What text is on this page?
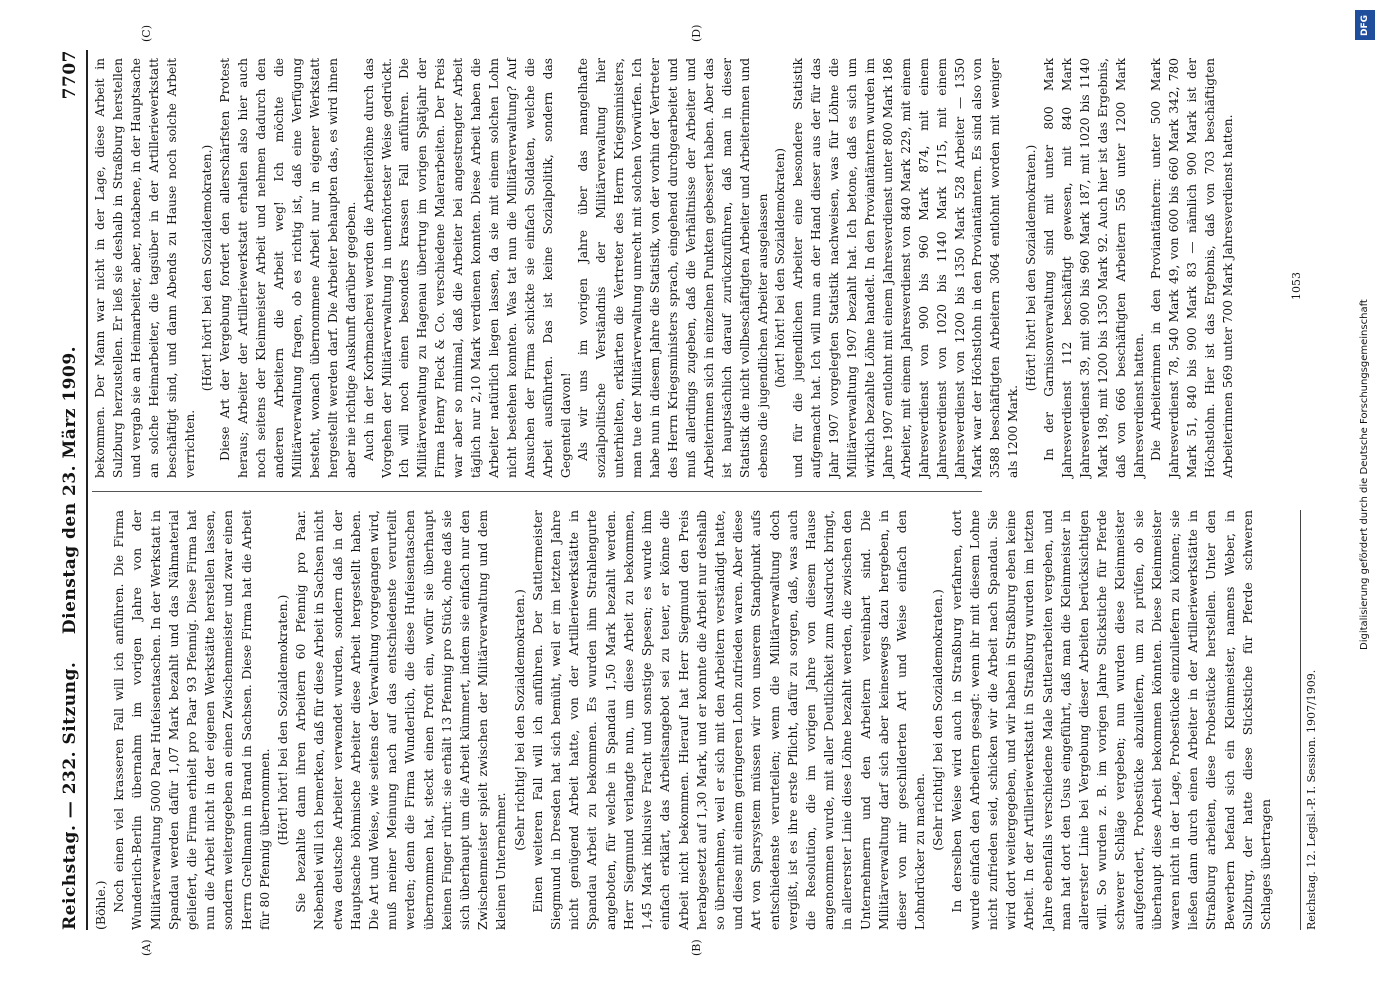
Reichstag. — 232. Sitzung.
Dienstag den 23. März 1909.
7707
(A)	(B)
(C)	(D)

(Böhle.) Noch einen viel krasseren Fall will ich anführen. Die Firma Wunderlich-Berlin übernahm im vorigen Jahre von der Militärverwaltung 5000 Paar Hufeisentaschen. In der Werkstatt in Spandau werden dafür 1,07 Mark bezahlt und das Nähmaterial geliefert, die Firma erhielt pro Paar 93 Pfennig. Diese Firma hat nun die Arbeit nicht in der eigenen Werkstätte herstellen lassen, sondern weitergegeben an einen Zwischenmeister und zwar einen Herrn Grellmann in Brand in Sachsen. Diese Firma hat die Arbeit für 80 Pfennig übernommen. (Hört! hört! bei den Sozialdemokraten.) Sie bezahlte dann ihren Arbeitern 60 Pfennig pro Paar. Nebenbei will ich bemerken, daß für diese Arbeit in Sachsen nicht etwa deutsche Arbeiter verwendet wurden, sondern daß in der Hauptsache böhmische Arbeiter diese Arbeit hergestellt haben. Die Art und Weise, wie seitens der Verwaltung vorgegangen wird, muß meiner Meinung nach auf das entschiedenste verurteilt werden; denn die Firma Wunderlich, die diese Hufeisentaschen übernommen hat, steckt einen Profit ein, wofür sie überhaupt keinen Finger rührt: sie erhält 13 Pfennig pro Stück, ohne daß sie sich überhaupt um die Arbeit kümmert, indem sie einfach nur den Zwischenmeister spielt zwischen der Militärverwaltung und dem kleinen Unternehmer.

(Sehr richtig! bei den Sozialdemokraten.) Einen weiteren Fall will ich anführen. Der Sattlermeister Siegmund in Dresden hat sich bemüht, weil er im letzten Jahre nicht genügend Arbeit hatte, von der Artilleriewerkstätte in Spandau Arbeit zu bekommen. Es wurden ihm Strahlengurte angeboten, für welche in Spandau 1,50 Mark bezahlt werden. Herr Siegmund verlangte nun, um diese Arbeit zu bekommen, 1,45 Mark inklusive Fracht und sonstige Spesen; es wurde ihm einfach erklärt, das Arbeitsangebot sei zu teuer, er könne die Arbeit nicht bekommen. Hierauf hat Herr Siegmund den Preis herabgesetzt auf 1,30 Mark, und er konnte die Arbeit nur deshalb so übernehmen, weil er sich mit den Arbeitern verständigt hatte, und diese mit einem geringeren Lohn zufrieden waren. Aber diese Art von Sparsystem müssen wir von unserem Standpunkt aufs entschiedenste verurteilen; wenn die Militärverwaltung doch vergißt, ist es ihre erste Pflicht, dafür zu sorgen, daß, was auch die Resolution, die im vorigen Jahre von diesem Hause angenommen wurde, mit aller Deutlichkeit zum Ausdruck bringt, in allererster Linie diese Löhne bezahlt werden, die zwischen den Unternehmern und den Arbeitern vereinbart sind. Die Militärverwaltung darf sich aber keineswegs dazu hergeben, in dieser von mir geschilderten Art und Weise einfach den Lohndrücker zu machen.

(Sehr richtig! bei den Sozialdemokraten.) In derselben Weise wird auch in Straßburg verfahren, dort wurde einfach den Arbeitern gesagt: wenn ihr mit diesem Lohne nicht zufrieden seid, schicken wir die Arbeit nach Spandau. Sie wird dort weitergegeben, und wir haben in Straßburg eben keine Arbeit. In der Artilleriewerkstatt in Straßburg wurden im letzten Jahre ebenfalls verschiedene Male Sattlerarbeiten vergeben, und man hat dort den Usus eingeführt, daß man die Kleinmeister in allererster Linie bei Vergebung dieser Arbeiten berücksichtigen will. So wurden z. B. im vorigen Jahre Stickstiche für Pferde schwerer Schläge vergeben; nun wurden diese Kleinmeister aufgefordert, Probestücke abzuliefern, um zu prüfen, ob sie überhaupt diese Arbeit bekommen könnten. Diese Kleinmeister waren nicht in der Lage, Probestücke einzuliefern zu können; sie ließen dann durch einen Arbeiter in der Artilleriewerkstätte in Straßburg arbeiten, diese Probestücke herstellen. Unter den Bewerbern befand sich ein Kleinmeister, namens Weber, in Sulzburg, der hatte diese Stickstiche für Pferde schweren Schlages übertragen

bekommen. Der Mann war nicht in der Lage, diese Arbeit in Sulzburg herzustellen. Er ließ sie deshalb in Straßburg herstellen und vergab sie an Heimarbeiter, aber, notabene, in der Hauptsache an solche Heimarbeiter, die tagsüber in der Artilleriewerkstatt beschäftigt sind, und dann Abends zu Hause noch solche Arbeit verrichten.

(Hört! hört! bei den Sozialdemokraten.) Diese Art der Vergebung fordert den allerschärfsten Protest heraus; Arbeiter der Artilleriewerkstatt erhalten also hier auch noch seitens der Kleinmeister Arbeit und nehmen dadurch den anderen Arbeitern die Arbeit weg! Ich möchte die Militärverwaltung fragen, ob es richtig ist, daß eine Verfügung besteht, wonach übernommene Arbeit nur in eigener Werkstatt hergestellt werden darf. Die Arbeiter behaupten das, es wird ihnen aber nie richtige Auskunft darüber gegeben. Auch in der Korbmacherei werden die Arbeiterlöhne durch das Vorgehen der Militärverwaltung in unerhörtester Weise gedrückt. Ich will noch einen besonders krassen Fall anführen. Die Militärverwaltung zu Hagenau übertrug im vorigen Spätjahr der Firma Henry Fleck & Co. verschiedene Malerarbeiten. Der Preis war aber so minimal, daß die Arbeiter bei angestrengter Arbeit täglich nur 2,10 Mark verdienen konnten. Diese Arbeit haben die Arbeiter natürlich liegen lassen, da sie mit einem solchen Lohn nicht bestehen konnten. Was tat nun die Militärverwaltung? Auf Ansuchen der Firma schickte sie einfach Soldaten, welche die Arbeit ausführten. Das ist keine Sozialpolitik, sondern das Gegenteil davon! Als wir uns im vorigen Jahre über das mangelhafte sozialpolitische Verständnis der Militärverwaltung hier unterhielten, erklärten die Vertreter des Herrn Kriegsministers, man tue der Militärverwaltung unrecht mit solchen Vorwürfen. Ich habe nun in diesem Jahre die Statistik, von der vorhin der Vertreter des Herrn Kriegsministers sprach, eingehend durchgearbeitet und muß allerdings zugeben, daß die Verhältnisse der Arbeiter und Arbeiterinnen sich in einzelnen Punkten gebessert haben. Aber das ist hauptsächlich darauf zurückzuführen, daß man in dieser Statistik die nicht vollbeschäftigten Arbeiter und Arbeiterinnen und ebenso die jugendlichen Arbeiter ausgelassen (hört! hört! bei den Sozialdemokraten) und für die jugendlichen Arbeiter eine besondere Statistik aufgemacht hat. Ich will nun an der Hand dieser aus der für das Jahr 1907 vorgelegten Statistik nachweisen, was für Löhne die Militärverwaltung 1907 bezahlt hat. Ich betone, daß es sich um wirklich bezahlte Löhne handelt. In den Proviantämtern wurden im Jahre 1907 entlohnt mit einem Jahresverdienst unter 800 Mark 186 Arbeiter, mit einem Jahresverdienst von 840 Mark 229, mit einem Jahresverdienst von 900 bis 960 Mark 874, mit einem Jahresverdienst von 1020 bis 1140 Mark 1715, mit einem Jahresverdienst von 1200 bis 1350 Mark 528 Arbeiter — 1350 Mark war der Höchstlohn in den Proviantämtern. Es sind also von 3588 beschäftigten Arbeitern 3064 entlohnt worden mit weniger als 1200 Mark.

(Hört! hört! bei den Sozialdemokraten.) In der Garnisonverwaltung sind mit unter 800 Mark Jahresverdienst 112 beschäftigt gewesen, mit 840 Mark Jahresverdienst 39, mit 900 bis 960 Mark 187, mit 1020 bis 1140 Mark 198, mit 1200 bis 1350 Mark 92. Auch hier ist das Ergebnis, daß von 666 beschäftigten Arbeitern 556 unter 1200 Mark Jahresverdienst hatten. Die Arbeiterinnen in den Proviantämtern: unter 500 Mark Jahresverdienst 78, 540 Mark 49, von 600 bis 660 Mark 342, 780 Mark 51, 840 bis 900 Mark 83 — nämlich 900 Mark ist der Höchstlohn. Hier ist das Ergebnis, daß von 703 beschäftigten Arbeiterinnen 569 unter 700 Mark Jahresverdienst hatten.

Reichstag. 12. Legisl.-P. I. Session. 1907/1909.
1053
DFG
Digitalisierung gefördert durch die Deutsche Forschungsgemeinschaft
